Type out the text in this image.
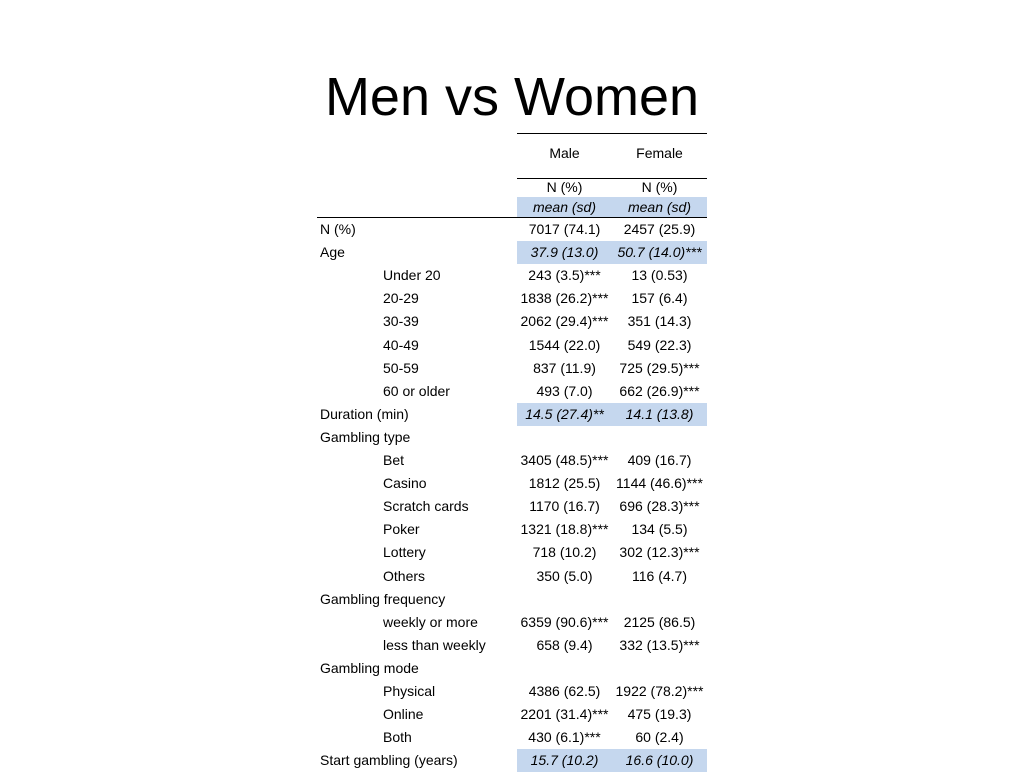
Men vs Women
Male	Female
N (%)	N (%)
mean (sd)	mean (sd)
N (%)	7017 (74.1)	2457 (25.9)
Age	37.9 (13.0)	50.7 (14.0)***
Under 20	243 (3.5)***	13 (0.53)
20-29	1838 (26.2)***	157 (6.4)
30-39	2062 (29.4)***	351 (14.3)
40-49	1544 (22.0)	549 (22.3)
50-59	837 (11.9)	725 (29.5)***
60 or older	493 (7.0)	662 (26.9)***
Duration (min)	14.5 (27.4)**	14.1 (13.8)
Gambling type
Bet	3405 (48.5)***	409 (16.7)
Casino	1812 (25.5)	1144 (46.6)***
Scratch cards	1170 (16.7)	696 (28.3)***
Poker	1321 (18.8)***	134 (5.5)
Lottery	718 (10.2)	302 (12.3)***
Others	350 (5.0)	116 (4.7)
Gambling frequency
weekly or more	6359 (90.6)***	2125 (86.5)
less than weekly	658 (9.4)	332 (13.5)***
Gambling mode
Physical	4386 (62.5)	1922 (78.2)***
Online	2201 (31.4)***	475 (19.3)
Both	430 (6.1)***	60 (2.4)
Start gambling (years)	15.7 (10.2)	16.6 (10.0)
